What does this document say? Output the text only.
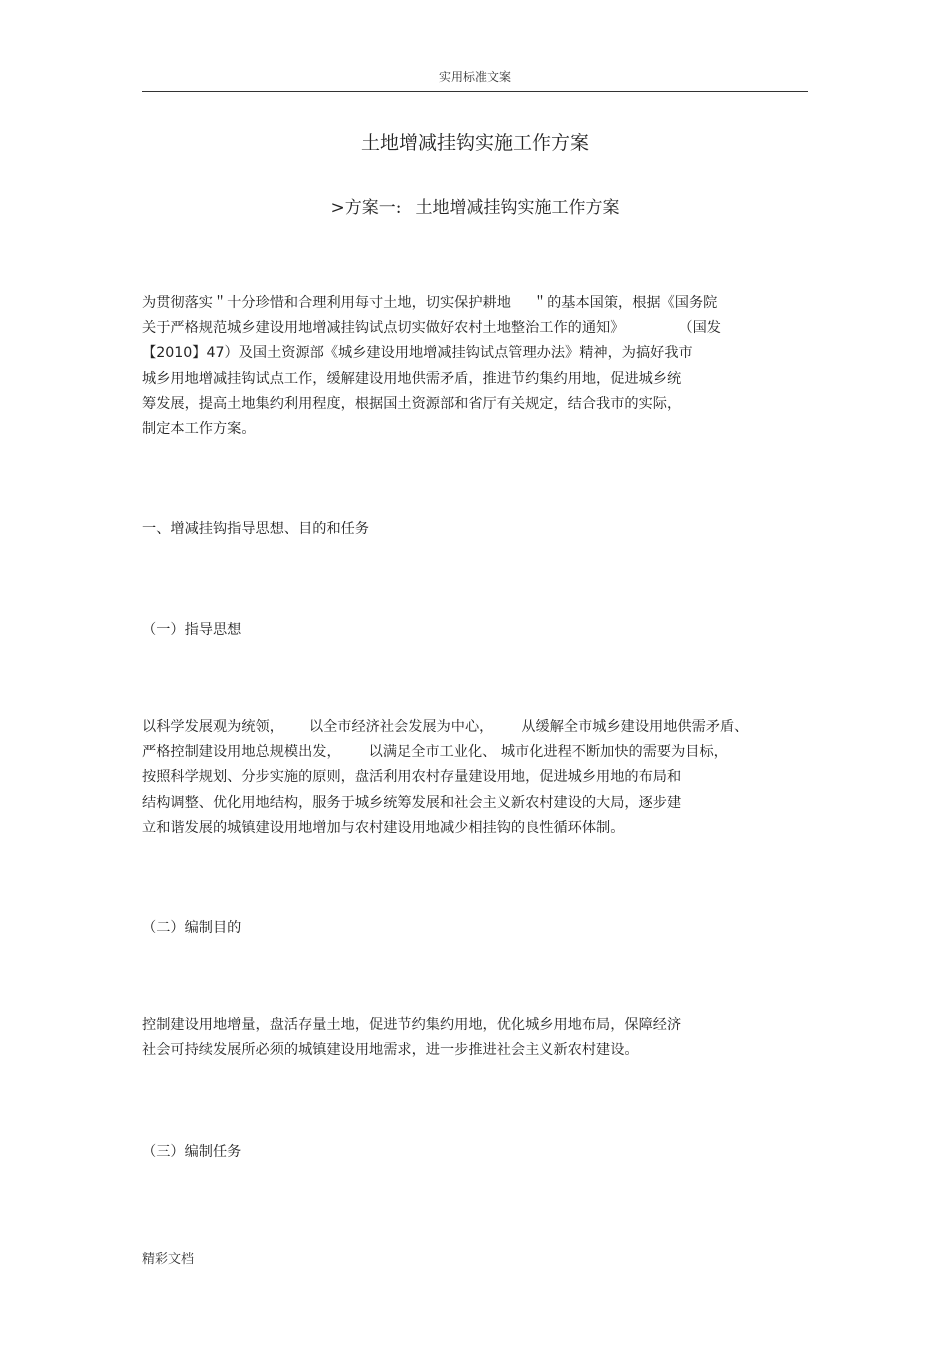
实用标准文案
土地增减挂钩实施工作方案
>方案一: 土地增减挂钩实施工作方案
为贯彻落实＂十分珍惜和合理利用每寸土地，切实保护耕地 ＂的基本国策，根据《国务院
关于严格规范城乡建设用地增减挂钩试点切实做好农村土地整治工作的通知》	（国发
【2010】47）及国土资源部《城乡建设用地增减挂钩试点管理办法》精神，为搞好我市
城乡用地增减挂钩试点工作，缓解建设用地供需矛盾，推进节约集约用地，促进城乡统
筹发展，提高土地集约利用程度，根据国土资源部和省厅有关规定，结合我市的实际，
制定本工作方案。
一、增减挂钩指导思想、目的和任务
（一）指导思想
以科学发展观为统领， 以全市经济社会发展为中心， 从缓解全市城乡建设用地供需矛盾、
严格控制建设用地总规模出发， 以满足全市工业化、 城市化进程不断加快的需要为目标，
按照科学规划、分步实施的原则，盘活利用农村存量建设用地，促进城乡用地的布局和
结构调整、优化用地结构，服务于城乡统筹发展和社会主义新农村建设的大局，逐步建
立和谐发展的城镇建设用地增加与农村建设用地减少相挂钩的良性循环体制。
（二）编制目的
控制建设用地增量，盘活存量土地，促进节约集约用地，优化城乡用地布局，保障经济
社会可持续发展所必须的城镇建设用地需求，进一步推进社会主义新农村建设。
（三）编制任务
精彩文档
